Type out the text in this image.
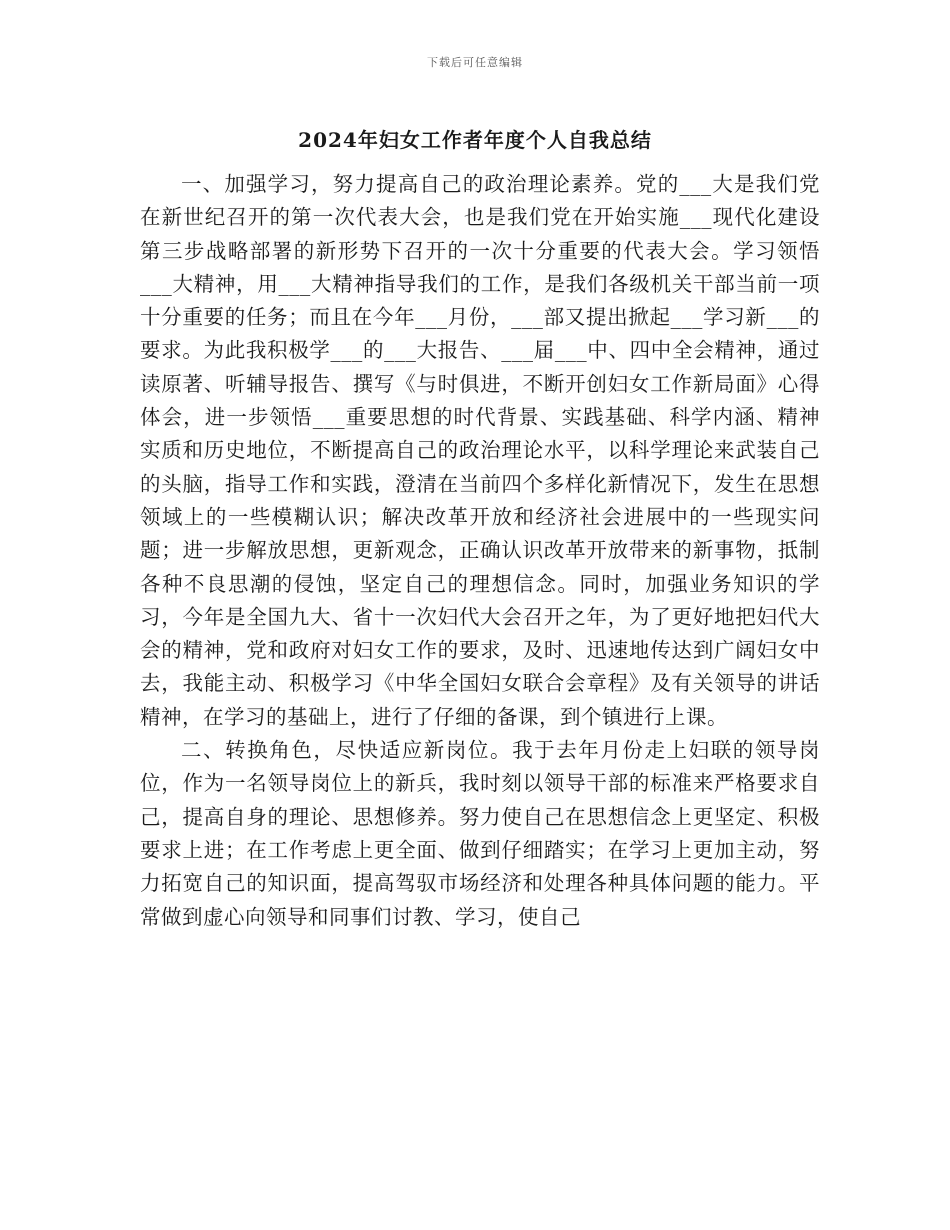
下载后可任意编辑
2024年妇女工作者年度个人自我总结

一、加强学习，努力提高自己的政治理论素养。党的___大是我们党在新世纪召开的第一次代表大会，也是我们党在开始实施___现代化建设第三步战略部署的新形势下召开的一次十分重要的代表大会。学习领悟___大精神，用___大精神指导我们的工作，是我们各级机关干部当前一项十分重要的任务；而且在今年___月份，___部又提出掀起___学习新___的要求。为此我积极学___的___大报告、___届___中、四中全会精神，通过读原著、听辅导报告、撰写《与时俱进，不断开创妇女工作新局面》心得体会，进一步领悟___重要思想的时代背景、实践基础、科学内涵、精神实质和历史地位，不断提高自己的政治理论水平，以科学理论来武装自己的头脑，指导工作和实践，澄清在当前四个多样化新情况下，发生在思想领域上的一些模糊认识；解决改革开放和经济社会进展中的一些现实问题；进一步解放思想，更新观念，正确认识改革开放带来的新事物，抵制各种不良思潮的侵蚀，坚定自己的理想信念。同时，加强业务知识的学习，今年是全国九大、省十一次妇代大会召开之年，为了更好地把妇代大会的精神，党和政府对妇女工作的要求，及时、迅速地传达到广阔妇女中去，我能主动、积极学习《中华全国妇女联合会章程》及有关领导的讲话精神，在学习的基础上，进行了仔细的备课，到个镇进行上课。

二、转换角色，尽快适应新岗位。我于去年月份走上妇联的领导岗位，作为一名领导岗位上的新兵，我时刻以领导干部的标准来严格要求自己，提高自身的理论、思想修养。努力使自己在思想信念上更坚定、积极要求上进；在工作考虑上更全面、做到仔细踏实；在学习上更加主动，努力拓宽自己的知识面，提高驾驭市场经济和处理各种具体问题的能力。平常做到虚心向领导和同事们讨教、学习，使自己
